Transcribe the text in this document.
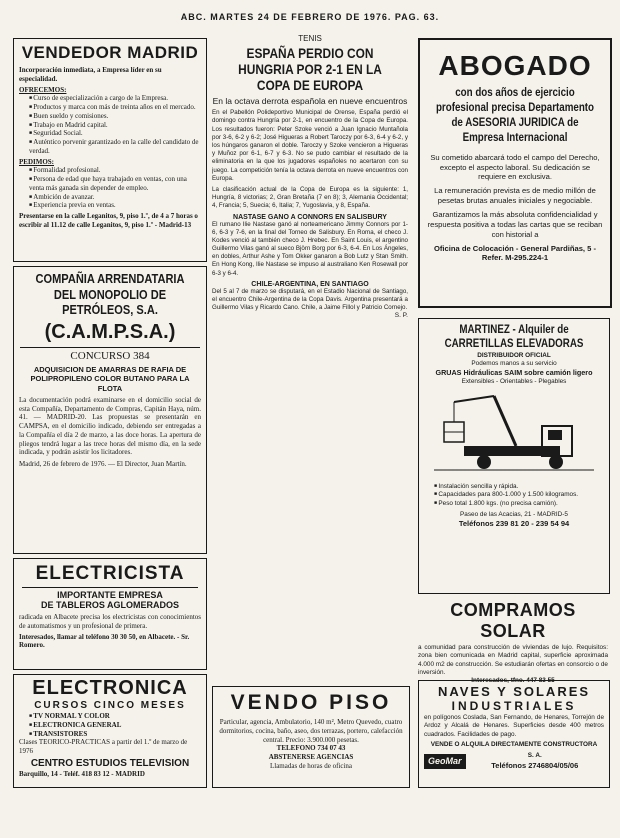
ABC. MARTES 24 DE FEBRERO DE 1976. PAG. 63.
VENDEDOR MADRID
Incorporación inmediata, a Empresa líder en su especialidad.
OFRECEMOS:
■ Curso de especialización a cargo de la Empresa.
■ Productos y marca con más de treinta años en el mercado.
■ Buen sueldo y comisiones.
■ Trabajo en Madrid capital.
■ Seguridad Social.
■ Auténtico porvenir garantizado en la calle del candidato de verdad.
PEDIMOS:
■ Formalidad profesional.
■ Persona de edad que haya trabajado en ventas, con una venta más ganada sin depender de empleo.
■ Ambición de avanzar.
■ Experiencia previa en ventas.
Presentarse en la calle Leganitos, 9, piso 1.º, de 4 a 7 horas o escribir al 11.12 de calle Leganitos, 9, piso 1.º - Madrid-13
COMPAÑIA ARRENDATARIA DEL MONOPOLIO DE PETRÓLEOS, S.A.
(C.A.M.P.S.A.)
CONCURSO 384
ADQUISICION DE AMARRAS DE RAFIA DE POLIPROPILENO COLOR BUTANO PARA LA FLOTA
La documentación podrá examinarse en el domicilio social de esta Compañía, Departamento de Compras, Capitán Haya, núm. 41. — MADRID-20. Las propuestas se presentarán en CAMPSA, en el domicilio indicado, debiendo ser entregadas a la Compañía el día 2 de marzo, a las doce horas. La apertura de pliegos tendrá lugar a las trece horas del mismo día, en la sede indicada, y podrán asistir los licitadores.
Madrid, 26 de febrero de 1976. — El Director, Juan Martín.
ELECTRICISTA
IMPORTANTE EMPRESA
DE TABLEROS AGLOMERADOS
radicada en Albacete precisa los electricistas con conocimientos de automatismos y un profesional de primera.
Interesados, llamar al teléfono 30 30 50, en Albacete. - Sr. Romero.
ELECTRONICA
CURSOS CINCO MESES
■ TV NORMAL Y COLOR
■ ELECTRONICA GENERAL
■ TRANSISTORES
Clases TEORICO-PRACTICAS a partir del 1.º de marzo de 1976
CENTRO ESTUDIOS TELEVISION
Barquillo, 14 - Teléf. 418 83 12 - MADRID
TENIS
ESPAÑA PERDIO CON HUNGRIA POR 2-1 EN LA COPA DE EUROPA
En la octava derrota española en nueve encuentros
En el Pabellón Polideportivo Municipal de Orense, España perdió el domingo contra Hungría por 2-1, en encuentro de la Copa de Europa. Los resultados fueron: Peter Szoke venció a Juan Ignacio Muntañola por 3-6, 6-2 y 6-2; José Higueras a Robert Taroczy por 6-3, 6-4 y 6-2, y los húngaros ganaron el doble. Taroczy y Szoke vencieron a Higueras y Muñoz por 6-1, 6-7 y 6-3. No se pudo cambiar el resultado de la eliminatoria en la que los jugadores españoles no acertaron con su juego. La competición tenía la octava derrota en nueve encuentros con Europa.
La clasificación actual de la Copa de Europa es la siguiente: 1, Hungría, 8 victorias; 2, Gran Bretaña (7 en 8); 3, Alemania Occidental; 4, Francia; 5, Suecia; 6, Italia; 7, Yugoslavia, y 8, España.
NASTASE GANO A CONNORS EN SALISBURY
El rumano Ilie Nastase ganó al norteamericano Jimmy Connors por 1-6, 6-3 y 7-6, en la final del Torneo de Salisbury. En Roma, el checo J. Kodes venció al también checo J. Hrebec. En Saint Louis, el argentino Guillermo Vilas ganó al sueco Björn Borg por 6-3, 6-4. En Los Ángeles, en dobles, Arthur Ashe y Tom Okker ganaron a Bob Lutz y Stan Smith. En Hong Kong, Ilie Nastase se impuso al australiano Ken Rosewall por 6-3 y 6-4.
CHILE-ARGENTINA, EN SANTIAGO
Del 5 al 7 de marzo se disputará, en el Estadio Nacional de Santiago, el encuentro Chile-Argentina de la Copa Davis. Argentina presentará a Guillermo Vilas y Ricardo Cano. Chile, a Jaime Fillol y Patricio Cornejo.
S. P.
VENDO PISO
Particular, agencia, Ambulatorio, 140 m², Metro Quevedo, cuatro dormitorios, cocina, baño, aseo, dos terrazas, portero, calefacción central. Precio: 3.900.000 pesetas.
TELEFONO 734 07 43
ABSTENERSE AGENCIAS
Llamadas de horas de oficina
ABOGADO
con dos años de ejercicio profesional precisa Departamento de ASESORIA JURIDICA de Empresa Internacional
Su cometido abarcará todo el campo del Derecho, excepto el aspecto laboral. Su dedicación se requiere en exclusiva.
La remuneración prevista es de medio millón de pesetas brutas anuales iniciales y negociable.
Garantizamos la más absoluta confidencialidad y respuesta positiva a todas las cartas que se reciban con historial a
Oficina de Colocación - General Pardiñas, 5 - Refer. M-295.224-1
MARTINEZ - Alquiler de CARRETILLAS ELEVADORAS
DISTRIBUIDOR OFICIAL
Podemos manos a su servicio
GRUAS Hidráulicas SAIM sobre camión ligero
Extensibles - Orientables - Plegables
■ Instalación sencilla y rápida.
■ Capacidades para 800-1.000 y 1.500 kilogramos.
■ Peso total 1.800 kgs. (no precisa camión).
Paseo de las Acacias, 21 - MADRID-5
Teléfonos 239 81 20 - 239 54 94
COMPRAMOS SOLAR
a comunidad para construcción de viviendas de lujo. Requisitos: zona bien comunicada en Madrid capital, superficie aproximada 4.000 m2 de construcción. Se estudiarán ofertas en consorcio o de inversión.
Interesados, tfno. 447 83 55
NAVES Y SOLARES
INDUSTRIALES
en polígonos Coslada, San Fernando, de Henares, Torrejón de Ardoz y Alcalá de Henares. Superficies desde 400 metros cuadrados. Facilidades de pago.
VENDE O ALQUILA DIRECTAMENTE CONSTRUCTORA
GeoMar	S. A.
Teléfonos 2746804/05/06
